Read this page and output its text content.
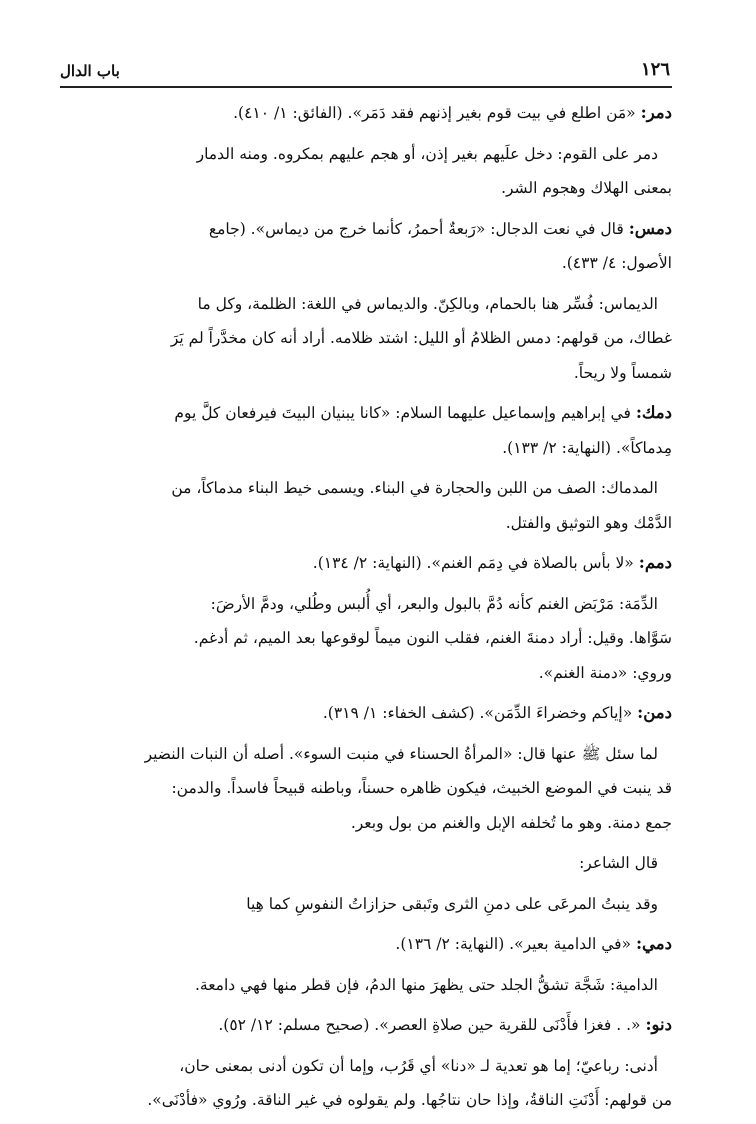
١٢٦
باب الدال
دمر: «مَن اطلع في بيت قوم بغير إذنهم فقد دَمَر». (الفائق: ١/ ٤١٠).
دمر على القوم: دخل علَيهم بغير إذن، أو هجم عليهم بمكروه. ومنه الدمار
بمعنى الهلاك وهجوم الشر.
دمس: قال في نعت الدجال: «رَبعةٌ أحمرُ، كأنما خرج من ديماس». (جامع
الأصول: ٤/ ٤٣٣).
الديماس: فُسِّر هنا بالحمام، وبالكِنّ. والديماس في اللغة: الظلمة، وكل ما
غطاك، من قولهم: دمس الظلامُ أو الليل: اشتد ظلامه. أراد أنه كان مخدَّراً لم يَرَ
شمساً ولا ريحاً.
دمك: في إبراهيم وإسماعيل عليهما السلام: «كانا يبنيان البيتَ فيرفعان كلَّ يوم
مِدماكاً». (النهاية: ٢/ ١٣٣).
المدماك: الصف من اللبن والحجارة في البناء. ويسمى خيط البناء مدماكاً، من
الدَّمْك وهو التوثيق والفتل.
دمم: «لا بأس بالصلاة في دِمَم الغنم». (النهاية: ٢/ ١٣٤).
الدِّمَة: مَرْبَض الغنم كأنه دُمَّ بالبول والبعر، أي أُلبس وطُلي، ودمَّ الأرضَ:
سَوَّاها. وقيل: أراد دمنةَ الغنم، فقلب النون ميماً لوقوعها بعد الميم، ثم أدغم.
وروي: «دمنة الغنم».
دمن: «إياكم وخضراءَ الدِّمَن». (كشف الخفاء: ١/ ٣١٩).
لما سئل ﷺ عنها قال: «المرأةُ الحسناء في منبت السوء». أصله أن النبات النضير
قد ينبت في الموضع الخبيث، فيكون ظاهره حسناً، وباطنه قبيحاً فاسداً. والدمن:
جمع دمنة. وهو ما تُخلفه الإبل والغنم من بول وبعر.
قال الشاعر:
وقد ينبتُ المرعَى على دمنِ الثرى وتَبقى حزازاتُ النفوسِ كما هِيا
دمي: «في الدامية بعير». (النهاية: ٢/ ١٣٦).
الدامية: شَجَّة تشقُّ الجلد حتى يظهرَ منها الدمُ، فإن قطر منها فهي دامعة.
دنو: «. . فغزا فأَدْنَى للقرية حين صلاةِ العصر». (صحيح مسلم: ١٢/ ٥٢).
أدنى: رباعيّ؛ إما هو تعدية لـ «دنا» أي قَرُب، وإما أن تكون أدنى بمعنى حان،
من قولهم: أَدْنَتِ الناقةُ، وإذا حان نتاجُها. ولم يقولوه في غير الناقة. ورُوي «فأدْنَى».
